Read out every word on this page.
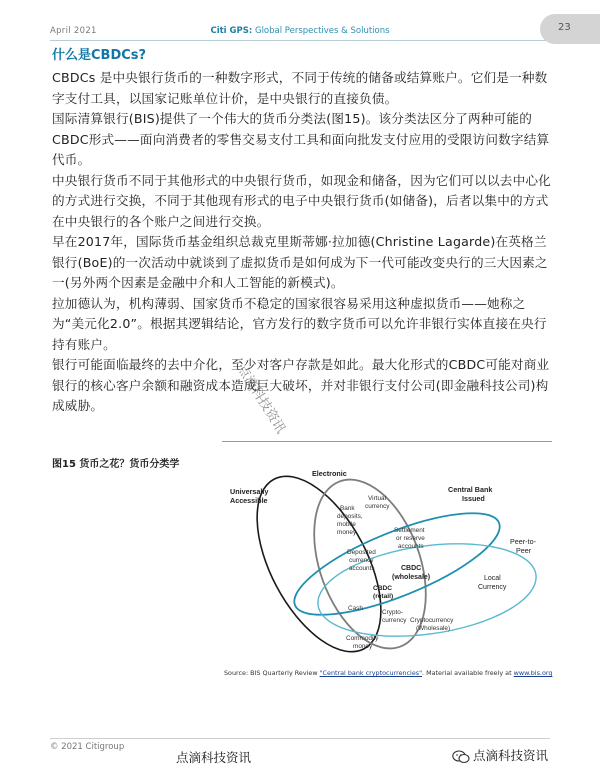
April 2021	Citi GPS: Global Perspectives & Solutions	23
什么是CBDCs?

CBDCs 是中央银行货币的一种数字形式，不同于传统的储备或结算账户。它们是一种数字支付工具，以国家记账单位计价，是中央银行的直接负债。

国际清算银行(BIS)提供了一个伟大的货币分类法(图15)。该分类法区分了两种可能的CBDC形式——面向消费者的零售交易支付工具和面向批发支付应用的受限访问数字结算代币。

中央银行货币不同于其他形式的中央银行货币，如现金和储备，因为它们可以以去中心化的方式进行交换，不同于其他现有形式的电子中央银行货币(如储备)，后者以集中的方式在中央银行的各个账户之间进行交换。

早在2017年，国际货币基金组织总裁克里斯蒂娜·拉加德(Christine Lagarde)在英格兰银行(BoE)的一次活动中就谈到了虚拟货币是如何成为下一代可能改变央行的三大因素之一(另外两个因素是金融中介和人工智能的新模式)。

拉加德认为，机构薄弱、国家货币不稳定的国家很容易采用这种虚拟货币——她称之为“美元化2.0”。根据其逻辑结论，官方发行的数字货币可以允许非银行实体直接在央行持有账户。

银行可能面临最终的去中介化，至少对客户存款是如此。最大化形式的CBDC可能对商业银行的核心客户余额和融资成本造成巨大破坏，并对非银行支付公司(即金融科技公司)构成威胁。	点滴科技资讯
图15 货币之花？货币分类学
Electronic
Universally
Accessible
Central Bank
Issued
Peer-to-
Peer
Virtual
currency
Bank
deposits,
mobile
money	Settlement
or reserve
accounts
Deposited
currency
accounts	CBDC
(wholesale)	Local
Currency
CBDC
(retail)
Cash
Crypto-
currency Cryptocurrency
(Wholesale)
Commodity
money
Source: BIS Quarterly Review "Central bank cryptocurrencies". Material available freely at www.bis.org
© 2021 Citigroup
点滴科技资讯	点滴科技资讯
